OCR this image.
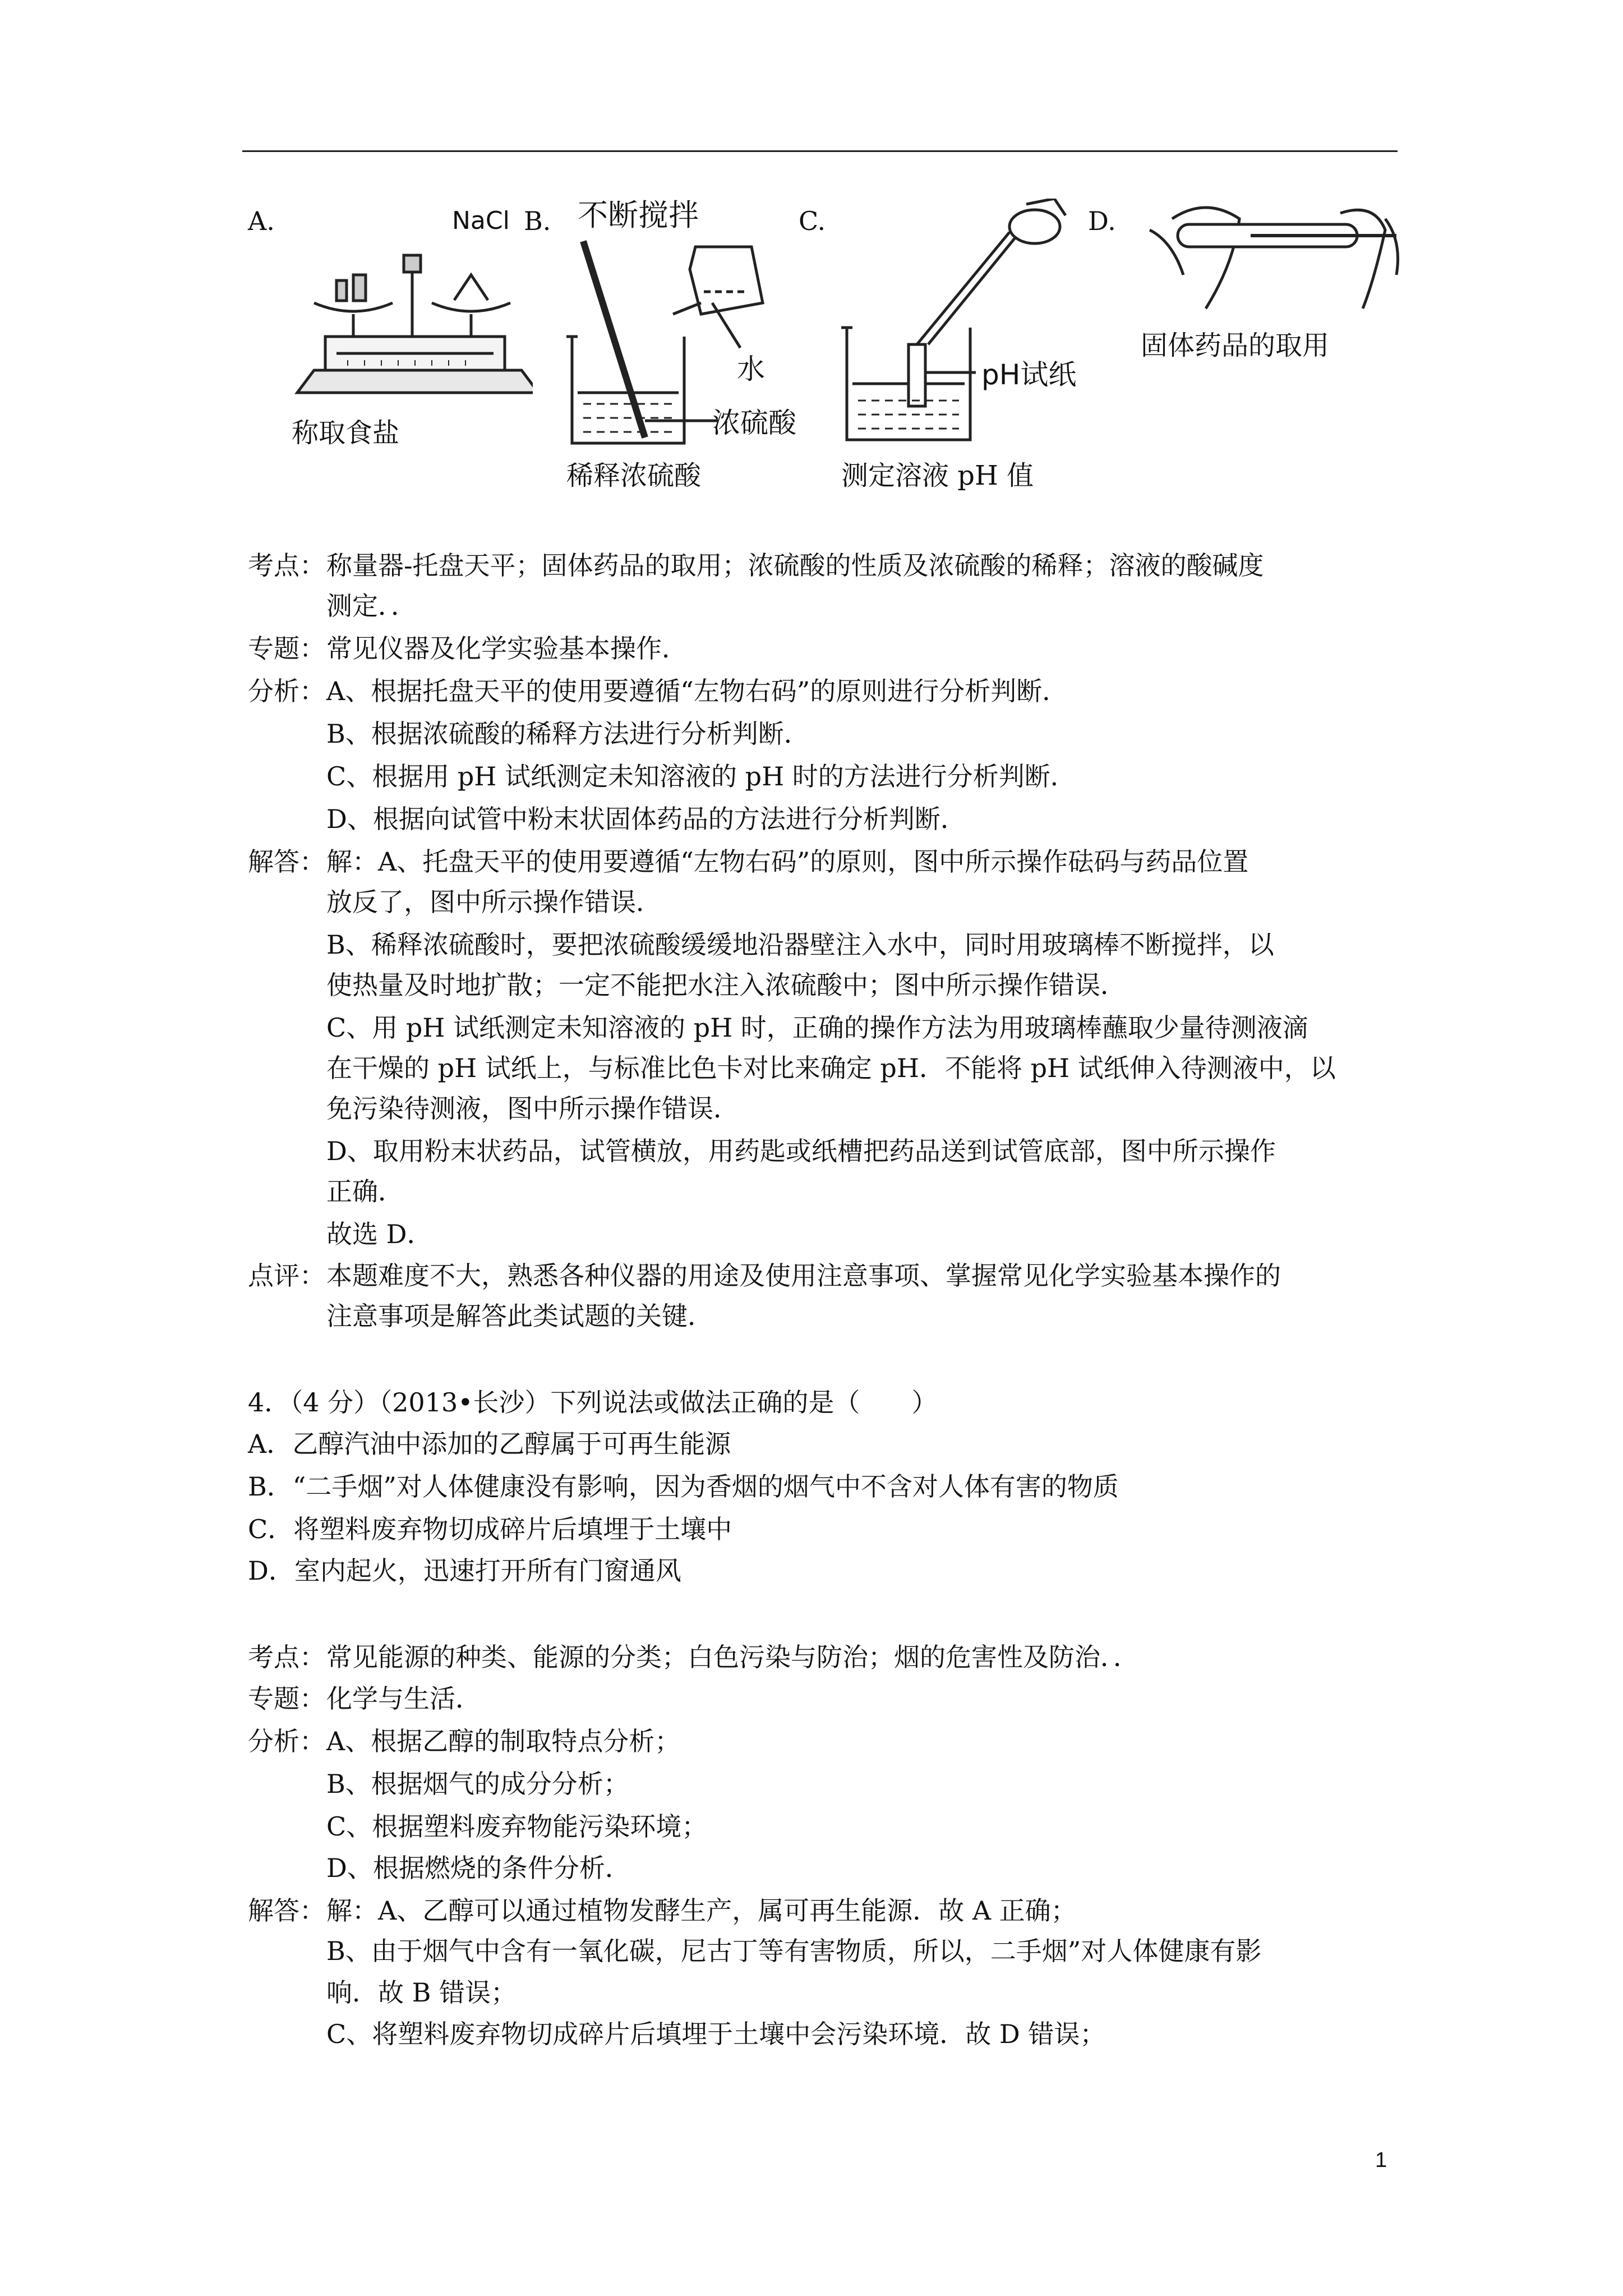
A.	B.	C.	D.
NaCl
称取食盐
不断搅拌
水
浓硫酸
稀释浓硫酸
pH试纸
测定溶液 pH 值
固体药品的取用
考点： 称量器-托盘天平；固体药品的取用；浓硫酸的性质及浓硫酸的稀释；溶液的酸碱度
测定．．
专题： 常见仪器及化学实验基本操作．
分析： A、根据托盘天平的使用要遵循“左物右码”的原则进行分析判断．
B、根据浓硫酸的稀释方法进行分析判断．
C、根据用 pH 试纸测定未知溶液的 pH 时的方法进行分析判断．
D、根据向试管中粉末状固体药品的方法进行分析判断．
解答： 解：A、托盘天平的使用要遵循“左物右码”的原则，图中所示操作砝码与药品位置
放反了，图中所示操作错误．
B、稀释浓硫酸时，要把浓硫酸缓缓地沿器壁注入水中，同时用玻璃棒不断搅拌，以
使热量及时地扩散；一定不能把水注入浓硫酸中；图中所示操作错误．
C、用 pH 试纸测定未知溶液的 pH 时，正确的操作方法为用玻璃棒蘸取少量待测液滴
在干燥的 pH 试纸上，与标准比色卡对比来确定 pH．不能将 pH 试纸伸入待测液中，以
免污染待测液，图中所示操作错误．
D、取用粉末状药品，试管横放，用药匙或纸槽把药品送到试管底部，图中所示操作
正确．
故选 D．
点评： 本题难度不大，熟悉各种仪器的用途及使用注意事项、掌握常见化学实验基本操作的
注意事项是解答此类试题的关键．
4．（4 分）（2013•长沙）下列说法或做法正确的是（　　）
A．乙醇汽油中添加的乙醇属于可再生能源
B．“二手烟”对人体健康没有影响，因为香烟的烟气中不含对人体有害的物质
C．将塑料废弃物切成碎片后填埋于土壤中
D．室内起火，迅速打开所有门窗通风
考点： 常见能源的种类、能源的分类；白色污染与防治；烟的危害性及防治．．
专题： 化学与生活．
分析： A、根据乙醇的制取特点分析；
B、根据烟气的成分分析；
C、根据塑料废弃物能污染环境；
D、根据燃烧的条件分析．
解答： 解：A、乙醇可以通过植物发酵生产，属可再生能源．故 A 正确；
B、由于烟气中含有一氧化碳，尼古丁等有害物质，所以，二手烟”对人体健康有影
响．故 B 错误；
C、将塑料废弃物切成碎片后填埋于土壤中会污染环境．故 D 错误；
1
